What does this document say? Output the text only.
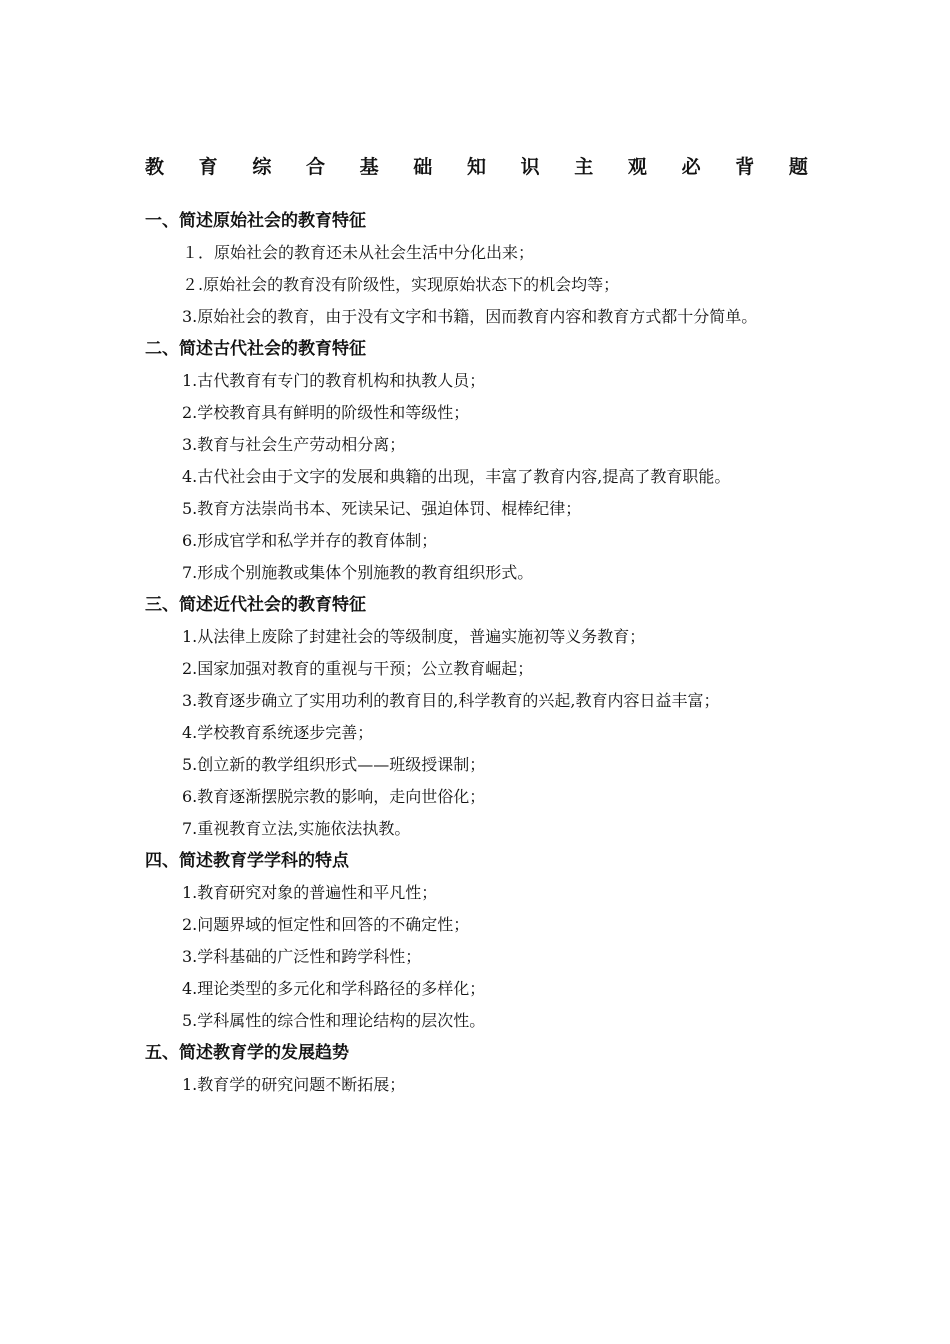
教 育 综 合 基 础 知 识 主 观 必 背 题

一、简述原始社会的教育特征

１．原始社会的教育还未从社会生活中分化出来；

２.原始社会的教育没有阶级性，实现原始状态下的机会均等；

3.原始社会的教育，由于没有文字和书籍，因而教育内容和教育方式都十分简单。

二、简述古代社会的教育特征

1.古代教育有专门的教育机构和执教人员；

2.学校教育具有鲜明的阶级性和等级性；

3.教育与社会生产劳动相分离；

4.古代社会由于文字的发展和典籍的出现，丰富了教育内容,提高了教育职能。

5.教育方法崇尚书本、死读呆记、强迫体罚、棍棒纪律；

6.形成官学和私学并存的教育体制；

7.形成个别施教或集体个别施教的教育组织形式。

三、简述近代社会的教育特征

1.从法律上废除了封建社会的等级制度，普遍实施初等义务教育；

2.国家加强对教育的重视与干预；公立教育崛起；

3.教育逐步确立了实用功利的教育目的,科学教育的兴起,教育内容日益丰富；

4.学校教育系统逐步完善；

5.创立新的教学组织形式——班级授课制；

6.教育逐渐摆脱宗教的影响，走向世俗化；

7.重视教育立法,实施依法执教。

四、简述教育学学科的特点

1.教育研究对象的普遍性和平凡性；

2.问题界域的恒定性和回答的不确定性；

3.学科基础的广泛性和跨学科性；

4.理论类型的多元化和学科路径的多样化；

5.学科属性的综合性和理论结构的层次性。

五、简述教育学的发展趋势

1.教育学的研究问题不断拓展；
